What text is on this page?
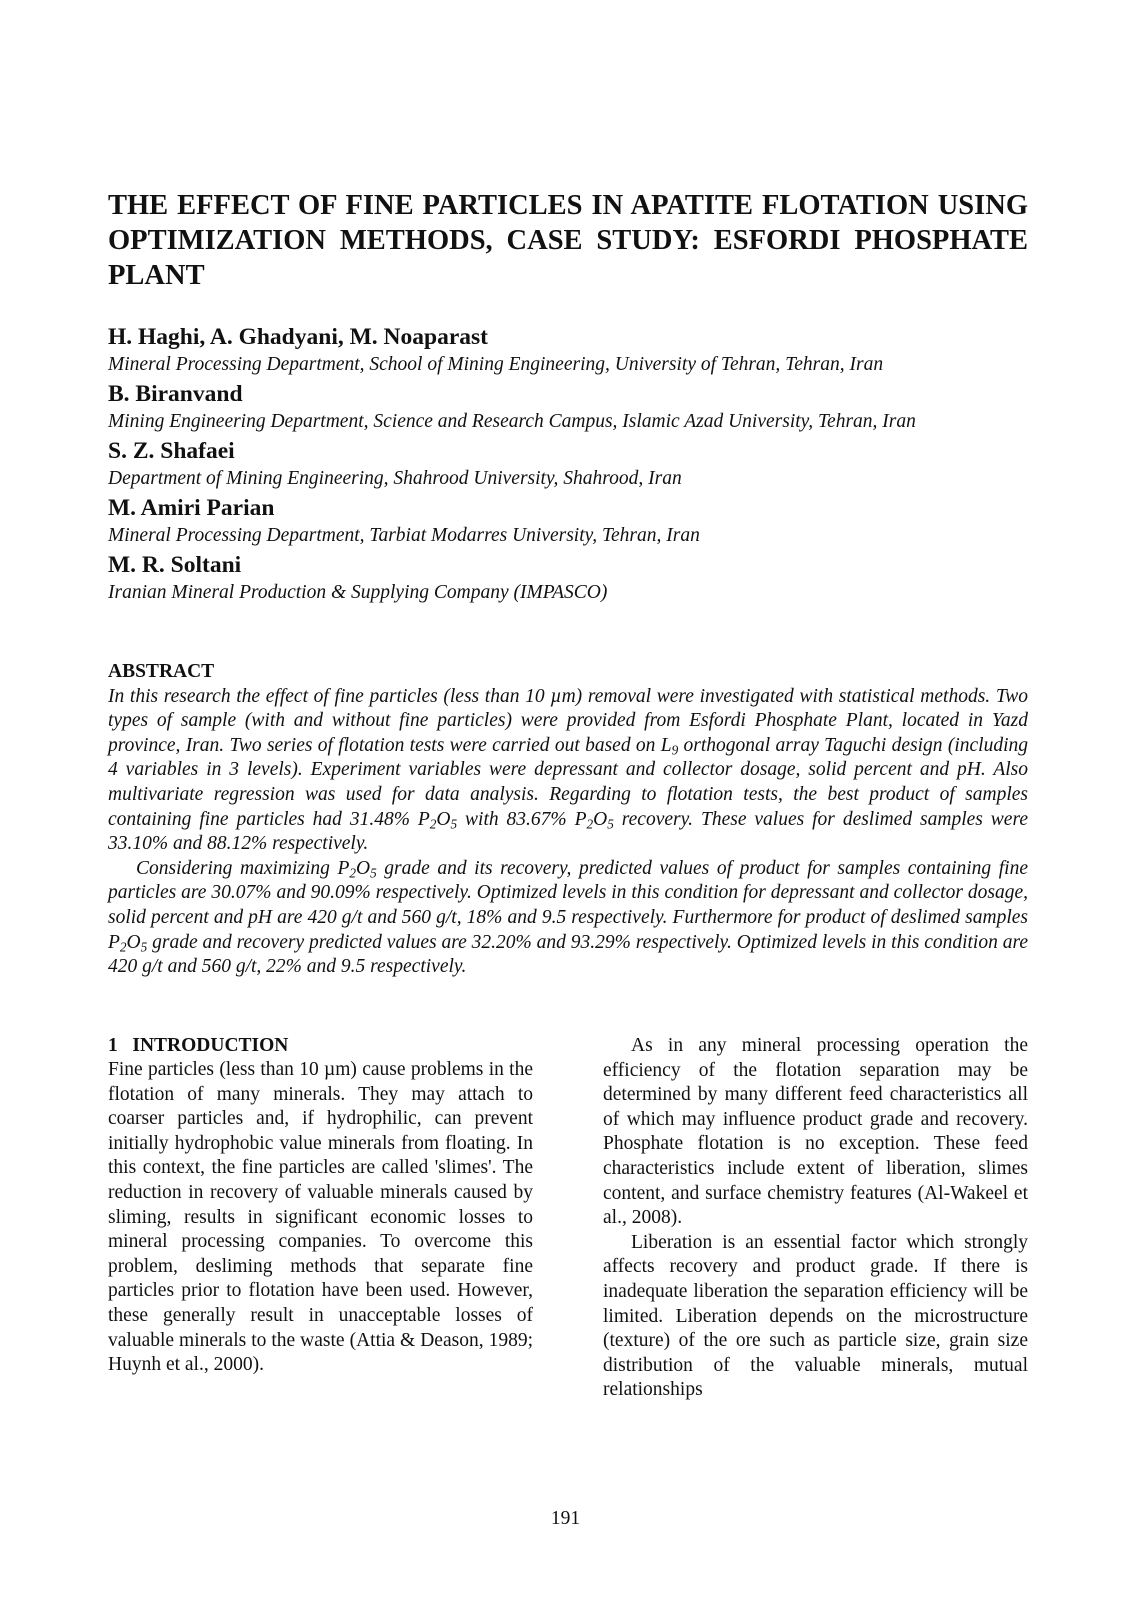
THE EFFECT OF FINE PARTICLES IN APATITE FLOTATION USING OPTIMIZATION METHODS, CASE STUDY: ESFORDI PHOSPHATE PLANT

H. Haghi, A. Ghadyani, M. Noaparast

Mineral Processing Department, School of Mining Engineering, University of Tehran, Tehran, Iran

B. Biranvand

Mining Engineering Department, Science and Research Campus, Islamic Azad University, Tehran, Iran

S. Z. Shafaei

Department of Mining Engineering, Shahrood University, Shahrood, Iran

M. Amiri Parian

Mineral Processing Department, Tarbiat Modarres University, Tehran, Iran

M. R. Soltani

Iranian Mineral Production & Supplying Company (IMPASCO)

ABSTRACT

In this research the effect of fine particles (less than 10 µm) removal were investigated with statistical methods. Two types of sample (with and without fine particles) were provided from Esfordi Phosphate Plant, located in Yazd province, Iran. Two series of flotation tests were carried out based on $L_9$ orthogonal array Taguchi design (including 4 variables in 3 levels). Experiment variables were depressant and collector dosage, solid percent and pH. Also multivariate regression was used for data analysis. Regarding to flotation tests, the best product of samples containing fine particles had 31.48% $P_2O_5$ with 83.67% $P_2O_5$ recovery. These values for deslimed samples were 33.10% and 88.12% respectively.

Considering maximizing $P_2O_5$ grade and its recovery, predicted values of product for samples containing fine particles are 30.07% and 90.09% respectively. Optimized levels in this condition for depressant and collector dosage, solid percent and pH are 420 g/t and 560 g/t, 18% and 9.5 respectively. Furthermore for product of deslimed samples $P_2O_5$ grade and recovery predicted values are 32.20% and 93.29% respectively. Optimized levels in this condition are 420 g/t and 560 g/t, 22% and 9.5 respectively.

1   INTRODUCTION

Fine particles (less than 10 µm) cause problems in the flotation of many minerals. They may attach to coarser particles and, if hydrophilic, can prevent initially hydrophobic value minerals from floating. In this context, the fine particles are called 'slimes'. The reduction in recovery of valuable minerals caused by sliming, results in significant economic losses to mineral processing companies. To overcome this problem, desliming methods that separate fine particles prior to flotation have been used. However, these generally result in unacceptable losses of valuable minerals to the waste (Attia & Deason, 1989; Huynh et al., 2000).

As in any mineral processing operation the efficiency of the flotation separation may be determined by many different feed characteristics all of which may influence product grade and recovery. Phosphate flotation is no exception. These feed characteristics include extent of liberation, slimes content, and surface chemistry features (Al-Wakeel et al., 2008).

Liberation is an essential factor which strongly affects recovery and product grade. If there is inadequate liberation the separation efficiency will be limited. Liberation depends on the microstructure (texture) of the ore such as particle size, grain size distribution of the valuable minerals, mutual relationships

191
